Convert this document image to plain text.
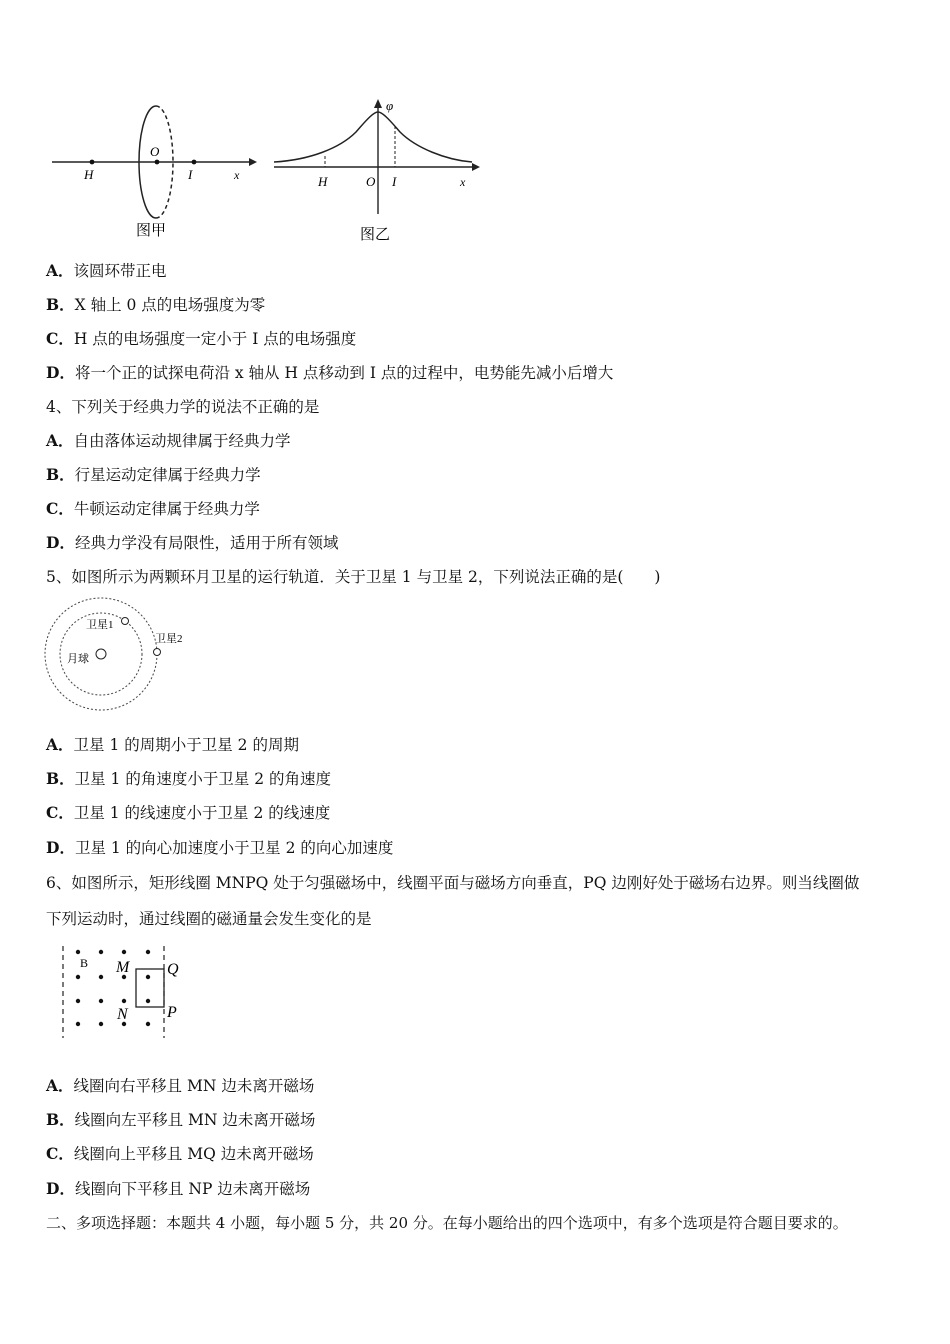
H
O
I	x
图甲
φ
H	O I	x
图乙
A．该圆环带正电
B．X 轴上 0 点的电场强度为零
C．H 点的电场强度一定小于 I 点的电场强度
D．将一个正的试探电荷沿 x 轴从 H 点移动到 I 点的过程中，电势能先减小后增大
4、下列关于经典力学的说法不正确的是
A．自由落体运动规律属于经典力学
B．行星运动定律属于经典力学
C．牛顿运动定律属于经典力学
D．经典力学没有局限性，适用于所有领域
5、如图所示为两颗环月卫星的运行轨道．关于卫星 1 与卫星 2，下列说法正确的是(　　)
卫星1
卫星2
月球
A．卫星 1 的周期小于卫星 2 的周期
B．卫星 1 的角速度小于卫星 2 的角速度
C．卫星 1 的线速度小于卫星 2 的线速度
D．卫星 1 的向心加速度小于卫星 2 的向心加速度
6、如图所示，矩形线圈 MNPQ 处于匀强磁场中，线圈平面与磁场方向垂直，PQ 边刚好处于磁场右边界。则当线圈做
下列运动时，通过线圈的磁通量会发生变化的是
B M Q
N P
A．线圈向右平移且 MN 边未离开磁场
B．线圈向左平移且 MN 边未离开磁场
C．线圈向上平移且 MQ 边未离开磁场
D．线圈向下平移且 NP 边未离开磁场
二、多项选择题：本题共 4 小题，每小题 5 分，共 20 分。在每小题给出的四个选项中，有多个选项是符合题目要求的。
